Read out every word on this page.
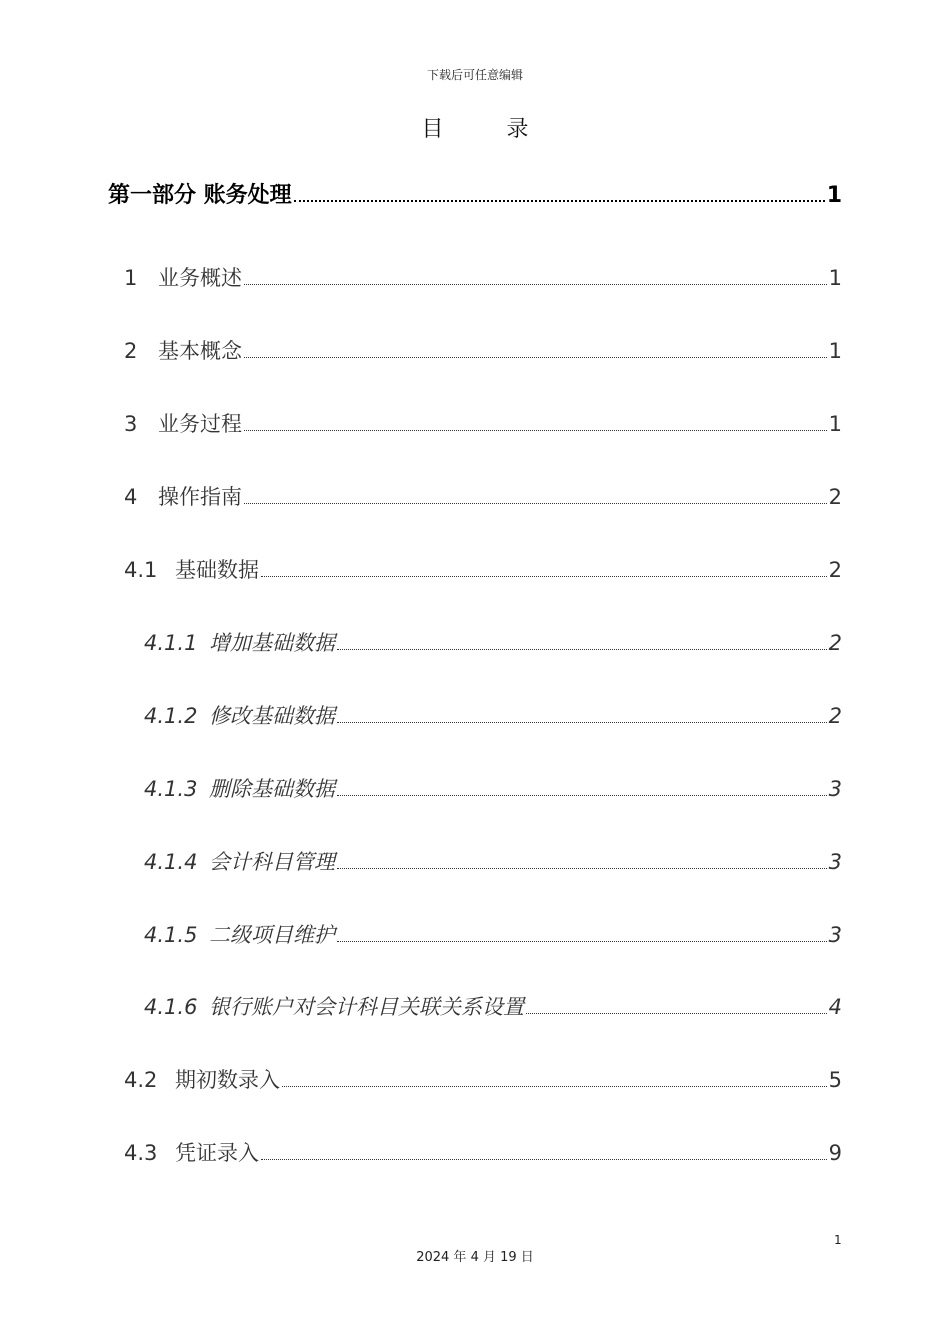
下载后可任意编辑
目 录
第一部分 账务处理	1
1 业务概述	1
2 基本概念	1
3 业务过程	1
4 操作指南	2
4.1 基础数据	2
4.1.1 增加基础数据	2
4.1.2 修改基础数据	2
4.1.3 删除基础数据	3
4.1.4 会计科目管理	3
4.1.5 二级项目维护	3
4.1.6 银行账户对会计科目关联关系设置	4
4.2 期初数录入	5
4.3 凭证录入	9
1
2024 年 4 月 19 日
